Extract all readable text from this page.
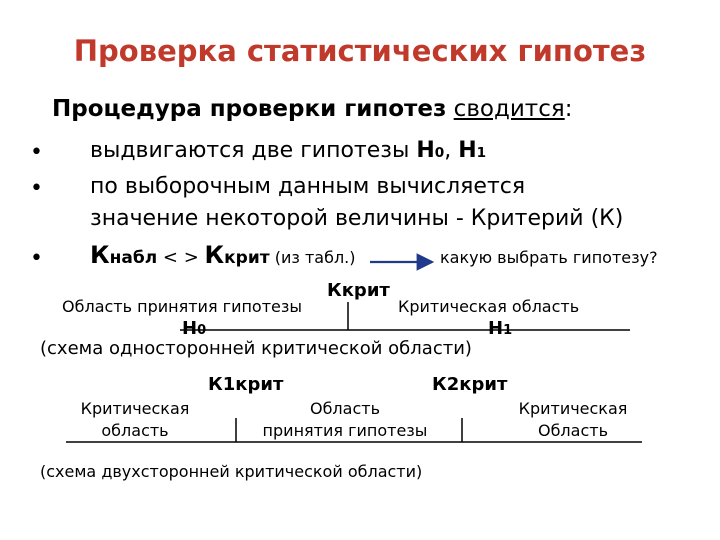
Проверка статистических гипотез
Процедура проверки гипотез сводится:
• выдвигаются две гипотезы H0, H1
• по выборочным данным вычисляется
значение некоторой величины - Критерий (К)
• Кнабл < > Ккрит (из табл.)	какую выбрать гипотезу?
Ккрит
Область принятия гипотезы	Критическая область
H0	H1
(схема односторонней критической области)
К1крит	К2крит
Критическая
область
Область
принятия гипотезы
Критическая
Область
(схема двухсторонней критической области)
